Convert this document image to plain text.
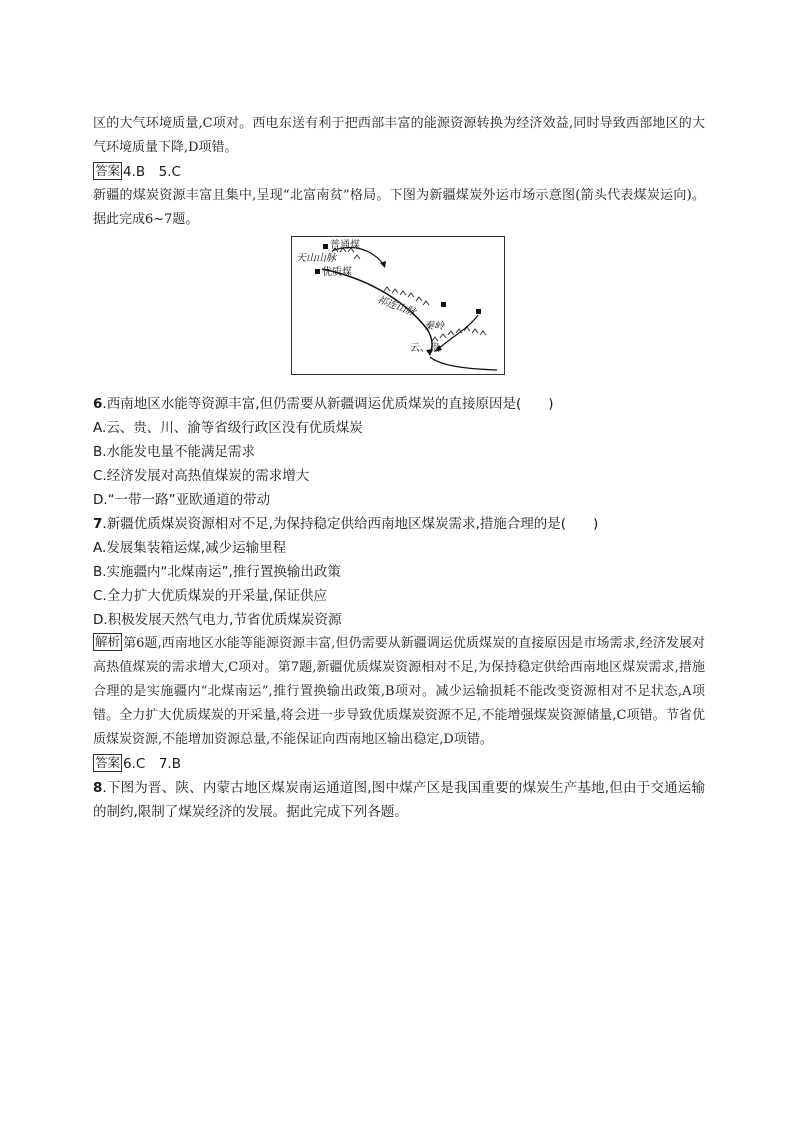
区的大气环境质量,C项对。西电东送有利于把西部丰富的能源资源转换为经济效益,同时导致西部地区的大气环境质量下降,D项错。

答案 4.B　5.C

新疆的煤炭资源丰富且集中,呈现“北富南贫”格局。下图为新疆煤炭外运市场示意图(箭头代表煤炭运向)。据此完成6~7题。

普通煤
天山山脉
优质煤
祁连山脉
秦岭
云、贵

6.西南地区水能等资源丰富,但仍需要从新疆调运优质煤炭的直接原因是(　　)

A.云、贵、川、渝等省级行政区没有优质煤炭

B.水能发电量不能满足需求

C.经济发展对高热值煤炭的需求增大

D.“一带一路”亚欧通道的带动

7.新疆优质煤炭资源相对不足,为保持稳定供给西南地区煤炭需求,措施合理的是(　　)

A.发展集装箱运煤,减少运输里程

B.实施疆内“北煤南运”,推行置换输出政策

C.全力扩大优质煤炭的开采量,保证供应

D.积极发展天然气电力,节省优质煤炭资源

解析 第6题,西南地区水能等能源资源丰富,但仍需要从新疆调运优质煤炭的直接原因是市场需求,经济发展对高热值煤炭的需求增大,C项对。第7题,新疆优质煤炭资源相对不足,为保持稳定供给西南地区煤炭需求,措施合理的是实施疆内“北煤南运”,推行置换输出政策,B项对。减少运输损耗不能改变资源相对不足状态,A项错。全力扩大优质煤炭的开采量,将会进一步导致优质煤炭资源不足,不能增强煤炭资源储量,C项错。节省优质煤炭资源,不能增加资源总量,不能保证向西南地区输出稳定,D项错。

答案 6.C　7.B

8.下图为晋、陕、内蒙古地区煤炭南运通道图,图中煤产区是我国重要的煤炭生产基地,但由于交通运输的制约,限制了煤炭经济的发展。据此完成下列各题。
